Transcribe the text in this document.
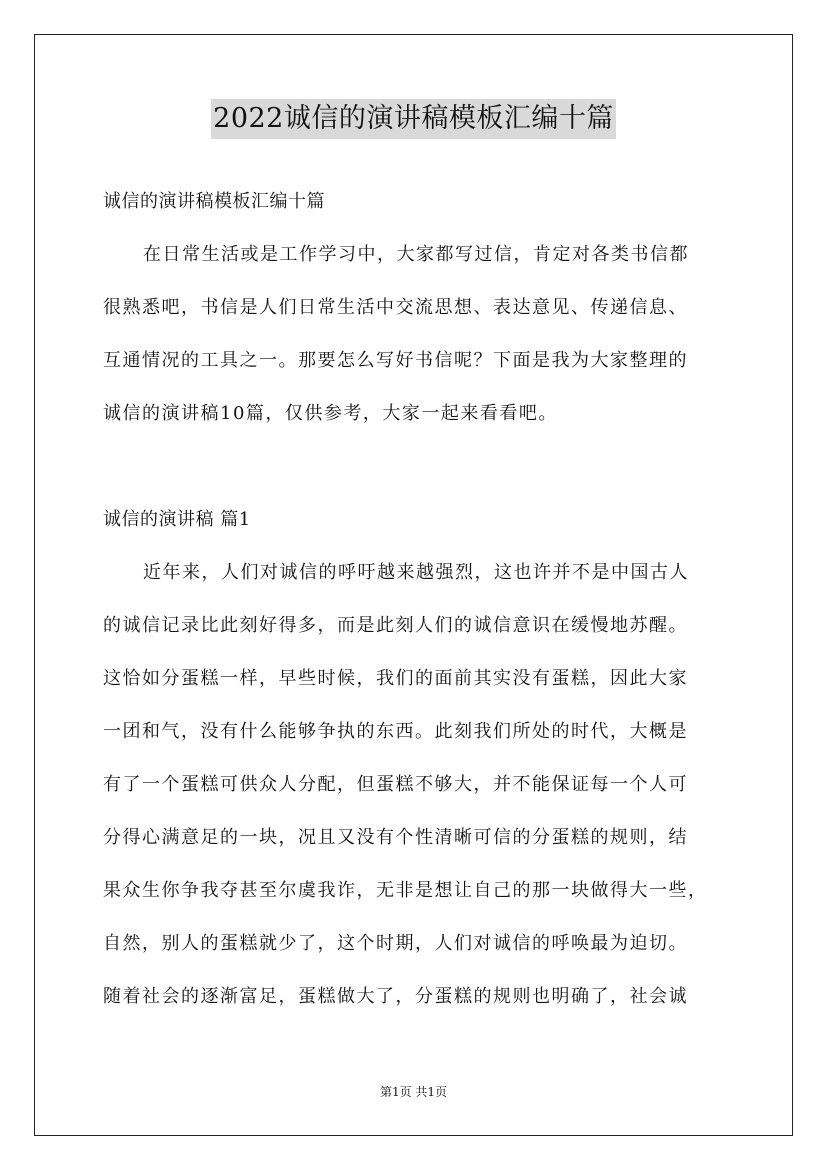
2022诚信的演讲稿模板汇编十篇
诚信的演讲稿模板汇编十篇
在日常生活或是工作学习中，大家都写过信，肯定对各类书信都
很熟悉吧，书信是人们日常生活中交流思想、表达意见、传递信息、
互通情况的工具之一。那要怎么写好书信呢？下面是我为大家整理的
诚信的演讲稿10篇，仅供参考，大家一起来看看吧。
诚信的演讲稿 篇1
近年来，人们对诚信的呼吁越来越强烈，这也许并不是中国古人
的诚信记录比此刻好得多，而是此刻人们的诚信意识在缓慢地苏醒。
这恰如分蛋糕一样，早些时候，我们的面前其实没有蛋糕，因此大家
一团和气，没有什么能够争执的东西。此刻我们所处的时代，大概是
有了一个蛋糕可供众人分配，但蛋糕不够大，并不能保证每一个人可
分得心满意足的一块，况且又没有个性清晰可信的分蛋糕的规则，结
果众生你争我夺甚至尔虞我诈，无非是想让自己的那一块做得大一些，
自然，别人的蛋糕就少了，这个时期，人们对诚信的呼唤最为迫切。
随着社会的逐渐富足，蛋糕做大了，分蛋糕的规则也明确了，社会诚
第1页 共1页
